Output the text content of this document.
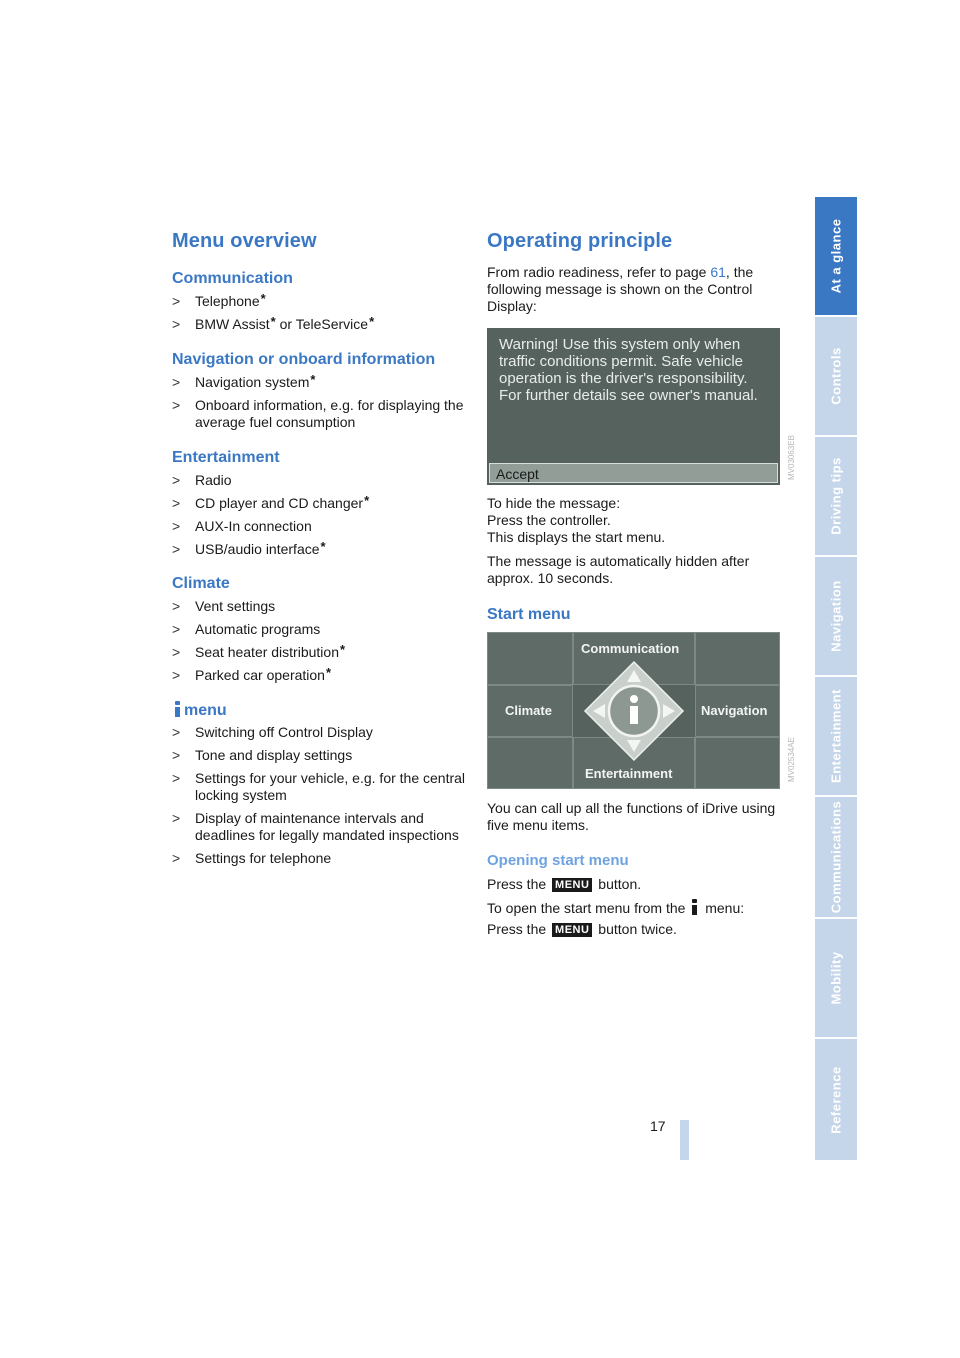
Menu overview
Communication
> Telephone*
> BMW Assist* or TeleService*
Navigation or onboard information
> Navigation system*
> Onboard information, e.g. for displaying the average fuel consumption
Entertainment
> Radio
> CD player and CD changer*
> AUX-In connection
> USB/audio interface*
Climate
> Vent settings
> Automatic programs
> Seat heater distribution*
> Parked car operation*
menu
> Switching off Control Display
> Tone and display settings
> Settings for your vehicle, e.g. for the central locking system
> Display of maintenance intervals and deadlines for legally mandated inspections
> Settings for telephone
Operating principle

From radio readiness, refer to page 61, the following message is shown on the Control Display:

Warning! Use this system only when
traffic conditions permit. Safe vehicle
operation is the driver's responsibility.
For further details see owner's manual.
Accept	MV03063EB

To hide the message:
Press the controller.
This displays the start menu.

The message is automatically hidden after approx. 10 seconds.

Start menu
Communication
Climate	Navigation
Entertainment	MV02534AE

You can call up all the functions of iDrive using five menu items.

Opening start menu

Press the MENU button.

To open the start menu from the
menu:

Press the MENU button twice.

17
At a glance
Controls
Driving tips
Navigation
Entertainment
Communications
Mobility
Reference
